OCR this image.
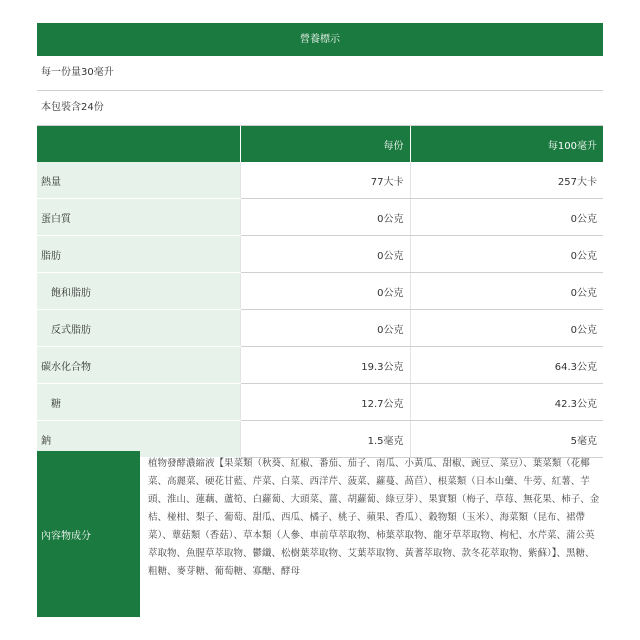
營養標示
每一份量30毫升
本包裝含24份
	每份	每100毫升
熱量	77大卡	257大卡
蛋白質	0公克	0公克
脂肪	0公克	0公克
飽和脂肪	0公克	0公克
反式脂肪	0公克	0公克
碳水化合物	19.3公克	64.3公克
糖	12.7公克	42.3公克
鈉	1.5毫克	5毫克
內容物成分
植物發酵濃縮液【果菜類（秋葵、紅椒、番茄、茄子、南瓜、小黃瓜、甜椒、豌豆、菜豆）、葉菜類（花椰菜、高麗菜、硬花甘藍、芹菜、白菜、西洋芹、菠菜、蘿蔓、萵苣）、根菜類（日本山藥、牛蒡、紅薯、芋頭、淮山、蓮藕、蘆筍、白蘿蔔、大頭菜、薑、胡蘿蔔、綠豆芽）、果實類（梅子、草莓、無花果、柿子、金桔、椪柑、梨子、葡萄、甜瓜、西瓜、橘子、桃子、蘋果、香瓜）、穀物類（玉米）、海菜類（昆布、裙帶菜）、蕈菇類（香菇）、草本類（人參、車前草萃取物、柿葉萃取物、龍牙草萃取物、枸杞、水芹菜、蒲公英萃取物、魚腥草萃取物、鬱纖、松樹葉萃取物、艾葉萃取物、黃蓍萃取物、款冬花萃取物、紫蘇）】、黑糖、粗糖、麥芽糖、葡萄糖、寡醣、酵母
